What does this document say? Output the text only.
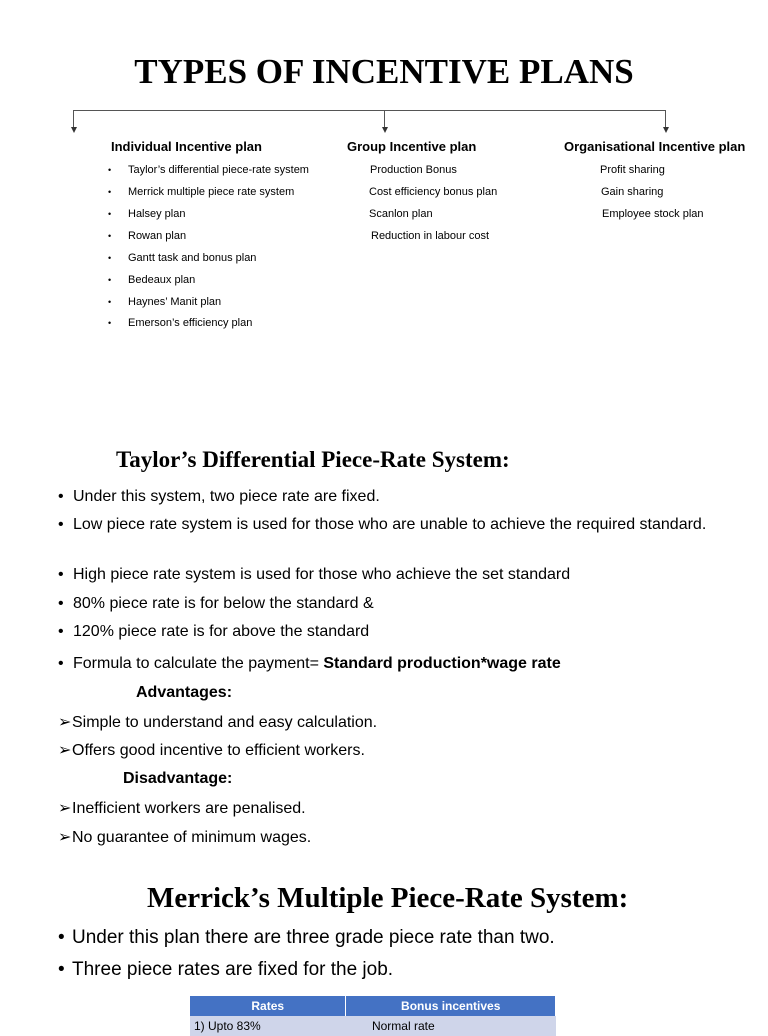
TYPES OF INCENTIVE PLANS
Individual Incentive plan
• Taylor’s differential piece-rate system
• Merrick multiple piece rate system
• Halsey plan
• Rowan plan
• Gantt task and bonus plan
• Bedeaux plan
• Haynes’ Manit plan
• Emerson’s efficiency plan
Group Incentive plan
Production Bonus
Cost efficiency bonus plan
Scanlon plan
Reduction in labour cost
Organisational Incentive plan
Profit sharing
Gain sharing
Employee stock plan
Taylor’s Differential Piece-Rate System:
• Under this system, two piece rate are fixed.
• Low piece rate system is used for those who are unable to achieve the required standard.
• High piece rate system is used for those who achieve the set standard
• 80% piece rate is for below the standard &
• 120% piece rate is for above the standard
• Formula to calculate the payment= Standard production*wage rate
Advantages:
➢Simple to understand and easy calculation.
➢Offers good incentive to efficient workers.
Disadvantage:
➢Inefficient workers are penalised.
➢No guarantee of minimum wages.
Merrick’s Multiple Piece-Rate System:
• Under this plan there are three grade piece rate than two.
• Three piece rates are fixed for the job.
Rates	Bonus incentives
1) Upto 83%	Normal rate
